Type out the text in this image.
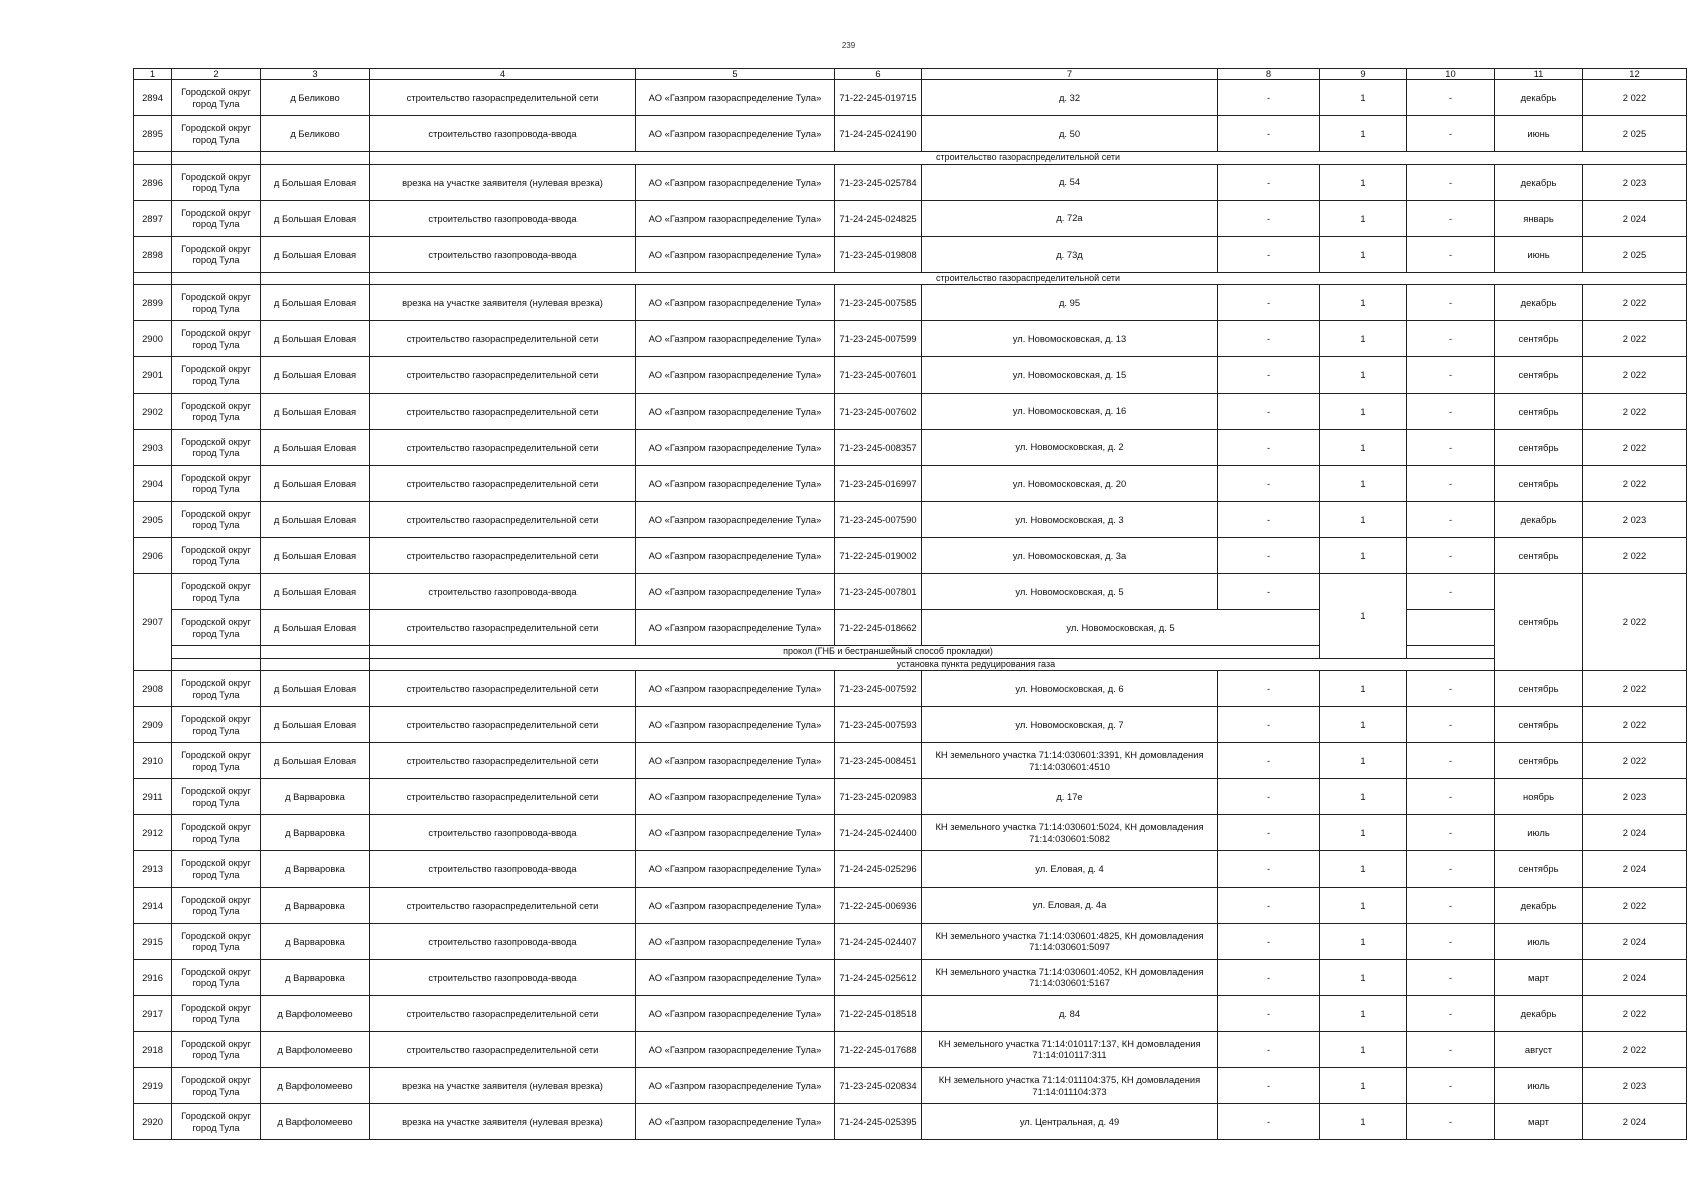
239
1	2	3	4	5	6	7	8	9	10	11	12
2894	Городской округ город Тула	д Беликово	строительство газораспределительной сети	АО «Газпром газораспределение Тула»	71-22-245-019715	д. 32	-	1	-	декабрь	2 022
2895	Городской округ город Тула	д Беликово	строительство газопровода-ввода	АО «Газпром газораспределение Тула»	71-24-245-024190	д. 50	-	1	-	июнь	2 025
			строительство газораспределительной сети								
2896	Городской округ город Тула	д Большая Еловая	врезка на участке заявителя (нулевая врезка)	АО «Газпром газораспределение Тула»	71-23-245-025784	д. 54	-	1	-	декабрь	2 023
2897	Городской округ город Тула	д Большая Еловая	строительство газопровода-ввода	АО «Газпром газораспределение Тула»	71-24-245-024825	д. 72а	-	1	-	январь	2 024
2898	Городской округ город Тула	д Большая Еловая	строительство газопровода-ввода	АО «Газпром газораспределение Тула»	71-23-245-019808	д. 73д	-	1	-	июнь	2 025
			строительство газораспределительной сети								
2899	Городской округ город Тула	д Большая Еловая	врезка на участке заявителя (нулевая врезка)	АО «Газпром газораспределение Тула»	71-23-245-007585	д. 95	-	1	-	декабрь	2 022
2900	Городской округ город Тула	д Большая Еловая	строительство газораспределительной сети	АО «Газпром газораспределение Тула»	71-23-245-007599	ул. Новомосковская, д. 13	-	1	-	сентябрь	2 022
2901	Городской округ город Тула	д Большая Еловая	строительство газораспределительной сети	АО «Газпром газораспределение Тула»	71-23-245-007601	ул. Новомосковская, д. 15	-	1	-	сентябрь	2 022
2902	Городской округ город Тула	д Большая Еловая	строительство газораспределительной сети	АО «Газпром газораспределение Тула»	71-23-245-007602	ул. Новомосковская, д. 16	-	1	-	сентябрь	2 022
2903	Городской округ город Тула	д Большая Еловая	строительство газораспределительной сети	АО «Газпром газораспределение Тула»	71-23-245-008357	ул. Новомосковская, д. 2	-	1	-	сентябрь	2 022
2904	Городской округ город Тула	д Большая Еловая	строительство газораспределительной сети	АО «Газпром газораспределение Тула»	71-23-245-016997	ул. Новомосковская, д. 20	-	1	-	сентябрь	2 022
2905	Городской округ город Тула	д Большая Еловая	строительство газораспределительной сети	АО «Газпром газораспределение Тула»	71-23-245-007590	ул. Новомосковская, д. 3	-	1	-	декабрь	2 023
2906	Городской округ город Тула	д Большая Еловая	строительство газораспределительной сети	АО «Газпром газораспределение Тула»	71-22-245-019002	ул. Новомосковская, д. 3а	-	1	-	сентябрь	2 022
2907	Городской округ город Тула	д Большая Еловая	строительство газопровода-ввода	АО «Газпром газораспределение Тула»	71-23-245-007801	ул. Новомосковская, д. 5	-	1	-	сентябрь	2 022
	Городской округ город Тула	д Большая Еловая	строительство газораспределительной сети	АО «Газпром газораспределение Тула»	71-22-245-018662	ул. Новомосковская, д. 5					
			прокол (ГНБ и бестраншейный способ прокладки)								
			установка пункта редуцирования газа								
2908	Городской округ город Тула	д Большая Еловая	строительство газораспределительной сети	АО «Газпром газораспределение Тула»	71-23-245-007592	ул. Новомосковская, д. 6	-	1	-	сентябрь	2 022
2909	Городской округ город Тула	д Большая Еловая	строительство газораспределительной сети	АО «Газпром газораспределение Тула»	71-23-245-007593	ул. Новомосковская, д. 7	-	1	-	сентябрь	2 022
2910	Городской округ город Тула	д Большая Еловая	строительство газораспределительной сети	АО «Газпром газораспределение Тула»	71-23-245-008451	КН земельного участка 71:14:030601:3391, КН домовладения 71:14:030601:4510	-	1	-	сентябрь	2 022
2911	Городской округ город Тула	д Варваровка	строительство газораспределительной сети	АО «Газпром газораспределение Тула»	71-23-245-020983	д. 17е	-	1	-	ноябрь	2 023
2912	Городской округ город Тула	д Варваровка	строительство газопровода-ввода	АО «Газпром газораспределение Тула»	71-24-245-024400	КН земельного участка 71:14:030601:5024, КН домовладения 71:14:030601:5082	-	1	-	июль	2 024
2913	Городской округ город Тула	д Варваровка	строительство газопровода-ввода	АО «Газпром газораспределение Тула»	71-24-245-025296	ул. Еловая, д. 4	-	1	-	сентябрь	2 024
2914	Городской округ город Тула	д Варваровка	строительство газораспределительной сети	АО «Газпром газораспределение Тула»	71-22-245-006936	ул. Еловая, д. 4а	-	1	-	декабрь	2 022
2915	Городской округ город Тула	д Варваровка	строительство газопровода-ввода	АО «Газпром газораспределение Тула»	71-24-245-024407	КН земельного участка 71:14:030601:4825, КН домовладения 71:14:030601:5097	-	1	-	июль	2 024
2916	Городской округ город Тула	д Варваровка	строительство газопровода-ввода	АО «Газпром газораспределение Тула»	71-24-245-025612	КН земельного участка 71:14:030601:4052, КН домовладения 71:14:030601:5167	-	1	-	март	2 024
2917	Городской округ город Тула	д Варфоломеево	строительство газораспределительной сети	АО «Газпром газораспределение Тула»	71-22-245-018518	д. 84	-	1	-	декабрь	2 022
2918	Городской округ город Тула	д Варфоломеево	строительство газораспределительной сети	АО «Газпром газораспределение Тула»	71-22-245-017688	КН земельного участка 71:14:010117:137, КН домовладения 71:14:010117:311	-	1	-	август	2 022
2919	Городской округ город Тула	д Варфоломеево	врезка на участке заявителя (нулевая врезка)	АО «Газпром газораспределение Тула»	71-23-245-020834	КН земельного участка 71:14:011104:375, КН домовладения 71:14:011104:373	-	1	-	июль	2 023
2920	Городской округ город Тула	д Варфоломеево	врезка на участке заявителя (нулевая врезка)	АО «Газпром газораспределение Тула»	71-24-245-025395	ул. Центральная, д. 49	-	1	-	март	2 024
